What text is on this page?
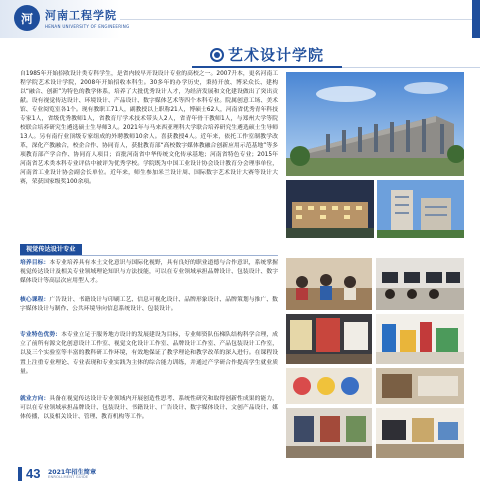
河	河南工程学院
HENAN UNIVERSITY OF ENGINEERING
艺术设计学院
自1985年开始招收设计类专科学生，是省内较早开设设计专业的高校之一。2007升本，更名河南工程学院艺术设计学院，2008年开始招收本科生。30多年的办学历史，秉持开放、博采众长、建构以“融合、创新”为特色的教学体系，培养了大批优秀设计人才，为经济发展和文化建设做出了突出贡献。设有视觉传达设计、环境设计、产品设计、数字媒体艺术等四个本科专业。院属创意工场、美术馆、专业阅览室各1个。现有教职工71人，副教授以上职称21人，博硕士62人，河南省优秀青年科技专家1人，省级优秀教师1人，省教育厅学术技术带头人2人，省青年骨干教师1人，与郑州大学等院校联合培养研究生遴选硕士生导师3人。2021年与马来西亚理科大学联合培养研究生遴选硕士生导师13人。另有南行业顶级专家组成的外聘教师10余人。喜获教授4人。近年来，依托工作室制教学改革，深化产教融合，校企合作、协同育人，获批教育部“高校数字媒体教融合创新应用示范基地”等多项教育部产学合作、协同育人项目；首批河南省中华传统文化传承基地；河南省特色专业；2015年河南省艺术类本科专业评估中被评为优秀学校。学院既为中国工业设计协会设计教育分会理事单位，河南省工业设计协会副会长单位。近年来，师生参加米兰设计周、国际数字艺术设计大赛等设计大赛，荣获国家级奖100余项。
视觉传达设计专业
培养目标：本专业培养具有本土文化意识与国际化视野，具有良好的职业道德与合作意识，系统掌握视觉传达设计及相关专业领域理论知识与方法技能，可以在专业领域承担品牌设计、包装设计、数字媒体设计等高层次应用型人才。
核心课程：广告设计、书籍设计与印刷工艺、信息可视化设计、品牌形象设计、品牌策划与推广、数字媒体设计与制作、公共环境导向信息系统设计、包装设计。
专业特色优势：本专业立足于服务地方设计的发展建设为目标，专业师资队伍梯队结构科学合理，成立了前所有源文化创意设计工作室、视觉文化设计工作室、品牌设计工作室、产品包装设计工作室，以及三个实验室等丰富的教科研工作环境，有效地保证了教学理论和教学改革的深入进行。在课程设置上注重专业理论、专业表现和专业实践为主体的综合能力训练，并通过产学研合作提高学生就业质量。
就业方向：具备在视觉传达设计专业领域内开展创造性思考、系统性研究和取得创新性成果的能力，可以在专业领域承担品牌设计、包装设计、书籍设计、广告设计、数字媒体设计、文创产品设计、媒体传播，以及相关设计、管理、教育机构等工作。
43 2021年招生简章
ENROLLMENT GUIDE
